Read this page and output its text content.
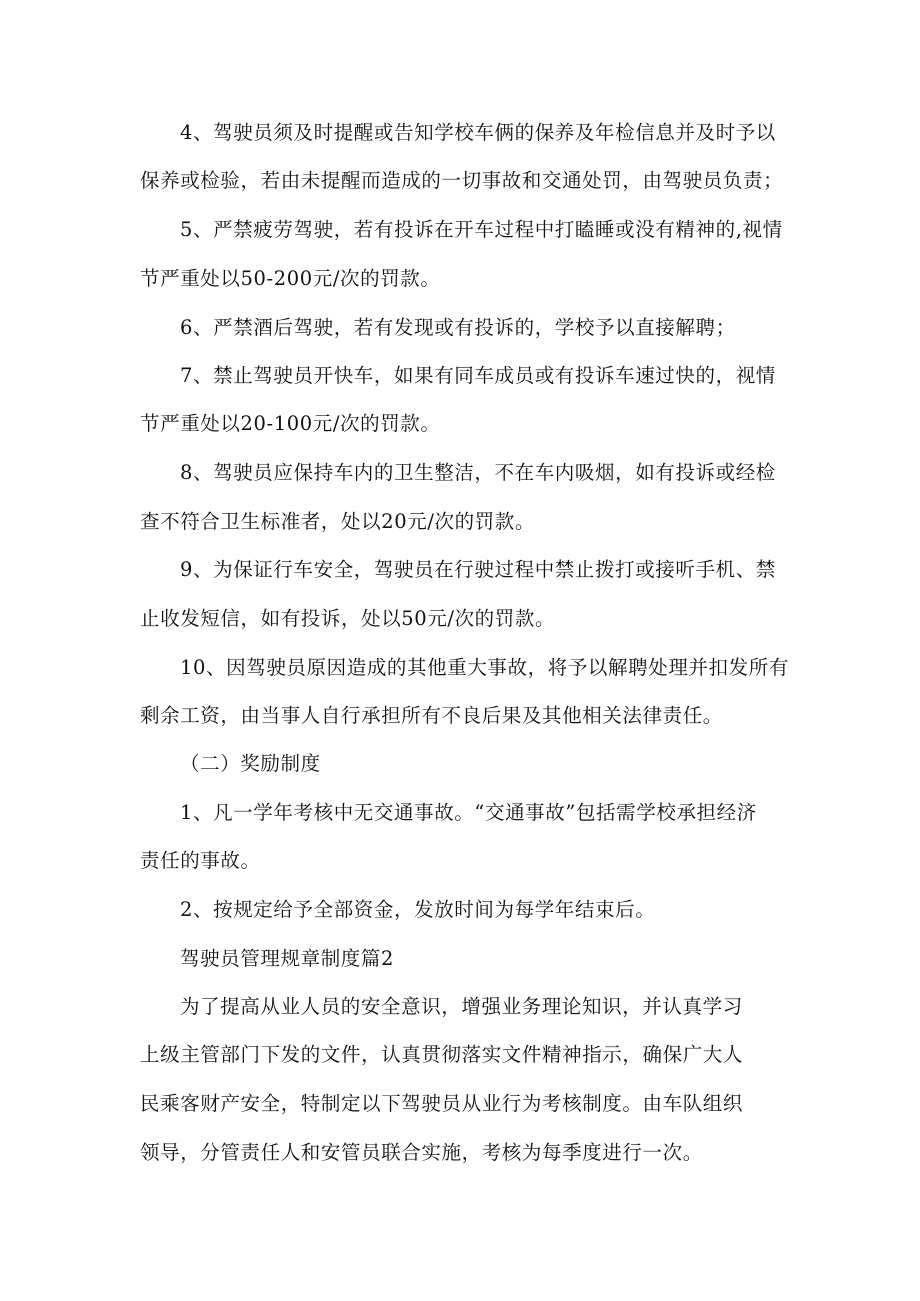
4、驾驶员须及时提醒或告知学校车俩的保养及年检信息并及时予以
保养或检验，若由未提醒而造成的一切事故和交通处罚，由驾驶员负责；
5、严禁疲劳驾驶，若有投诉在开车过程中打瞌睡或没有精神的,视情
节严重处以50-200元/次的罚款。
6、严禁酒后驾驶，若有发现或有投诉的，学校予以直接解聘；
7、禁止驾驶员开快车，如果有同车成员或有投诉车速过快的，视情
节严重处以20-100元/次的罚款。
8、驾驶员应保持车内的卫生整洁，不在车内吸烟，如有投诉或经检
查不符合卫生标准者，处以20元/次的罚款。
9、为保证行车安全，驾驶员在行驶过程中禁止拨打或接听手机、禁
止收发短信，如有投诉，处以50元/次的罚款。
10、因驾驶员原因造成的其他重大事故，将予以解聘处理并扣发所有
剩余工资，由当事人自行承担所有不良后果及其他相关法律责任。
（二）奖励制度
1、凡一学年考核中无交通事故。“交通事故”包括需学校承担经济
责任的事故。
2、按规定给予全部资金，发放时间为每学年结束后。
驾驶员管理规章制度篇2
为了提高从业人员的安全意识，增强业务理论知识，并认真学习
上级主管部门下发的文件，认真贯彻落实文件精神指示，确保广大人
民乘客财产安全，特制定以下驾驶员从业行为考核制度。由车队组织
领导，分管责任人和安管员联合实施，考核为每季度进行一次。
